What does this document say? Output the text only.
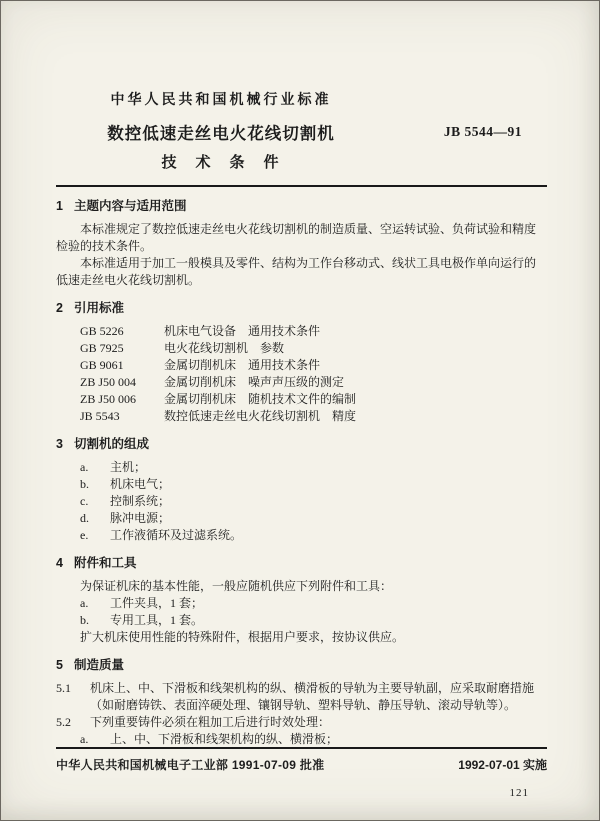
中华人民共和国机械行业标准
数控低速走丝电火花线切割机
技　术　条　件
JB 5544—91
1 主题内容与适用范围

本标准规定了数控低速走丝电火花线切割机的制造质量、空运转试验、负荷试验和精度检验的技术条件。

本标准适用于加工一般模具及零件、结构为工作台移动式、线状工具电极作单向运行的低速走丝电火花线切割机。

2 引用标准
GB 5226	机床电气设备　通用技术条件
GB 7925	电火花线切割机　参数
GB 9061	金属切削机床　通用技术条件
ZB J50 004	金属切削机床　噪声声压级的测定
ZB J50 006	金属切削机床　随机技术文件的编制
JB 5543	数控低速走丝电火花线切割机　精度
3 切割机的组成
a.	主机；
b.	机床电气；
c.	控制系统；
d.	脉冲电源；
e.	工作液循环及过滤系统。
4 附件和工具

为保证机床的基本性能，一般应随机供应下列附件和工具：

a.	工件夹具，1 套；
b.	专用工具，1 套。

扩大机床使用性能的特殊附件，根据用户要求，按协议供应。

5 制造质量
5.1	机床上、中、下滑板和线架机构的纵、横滑板的导轨为主要导轨副，应采取耐磨措施（如耐磨铸铁、表面淬硬处理、镶钢导轨、塑料导轨、静压导轨、滚动导轨等）。
5.2	下列重要铸件必须在粗加工后进行时效处理：
a.	上、中、下滑板和线架机构的纵、横滑板；
中华人民共和国机械电子工业部 1991-07-09 批准	1992-07-01 实施
121
